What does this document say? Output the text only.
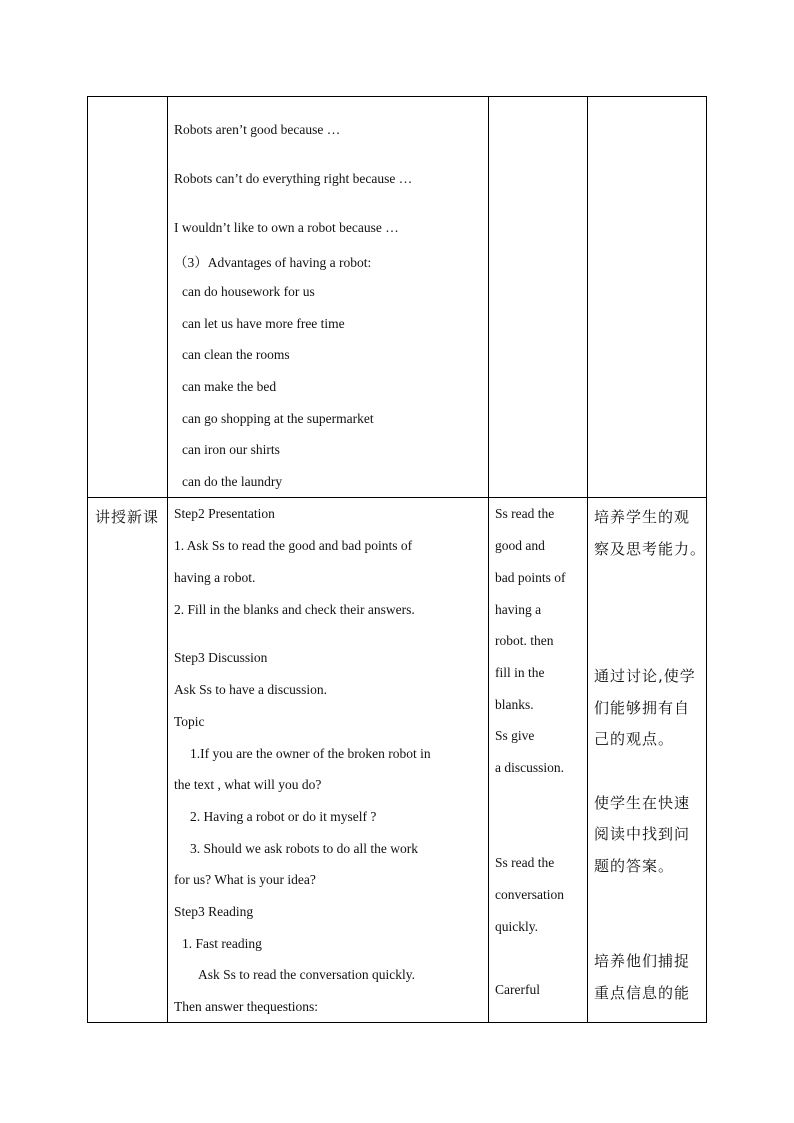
Robots aren’t good because …
Robots can’t do everything right because …
I wouldn’t like to own a robot because …
（3）Advantages of having a robot:
can do housework for us
can let us have more free time
can clean the rooms
can make the bed
can go shopping at the supermarket
can iron our shirts
can do the laundry
讲授新课 Step2 Presentation
1. Ask Ss to read the good and bad points of
having a robot.
2. Fill in the blanks and check their answers.
Step3 Discussion
Ask Ss to have a discussion.
Topic
1.If you are the owner of the broken robot in
the text , what will you do?
2. Having a robot or do it myself ?
3. Should we ask robots to do all the work
for us? What is your idea?
Step3 Reading
1. Fast reading
Ask Ss to read the conversation quickly.
Then answer thequestions:
Ss read the
good and
bad points of
having a
robot. then
fill in the
blanks.
Ss give
a discussion.
Ss read the
conversation
quickly.
Carerful
培养学生的观
察及思考能力。
通过讨论,使学
们能够拥有自
己的观点。
使学生在快速
阅读中找到问
题的答案。
培养他们捕捉
重点信息的能
